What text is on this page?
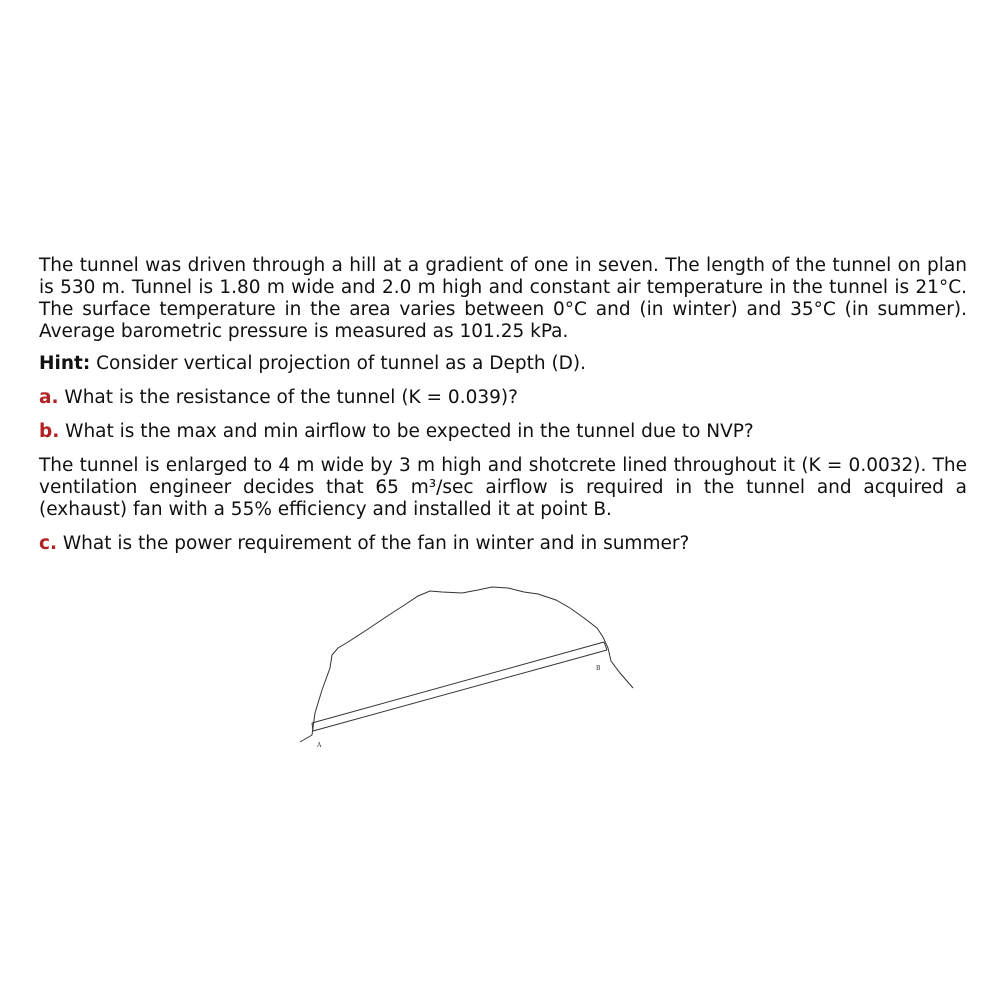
The tunnel was driven through a hill at a gradient of one in seven. The length of the tunnel on plan is 530 m. Tunnel is 1.80 m wide and 2.0 m high and constant air temperature in the tunnel is 21°C. The surface temperature in the area varies between 0°C and (in winter) and 35°C (in summer). Average barometric pressure is measured as 101.25 kPa.

Hint: Consider vertical projection of tunnel as a Depth (D).

a. What is the resistance of the tunnel (K = 0.039)?

b. What is the max and min airflow to be expected in the tunnel due to NVP?

The tunnel is enlarged to 4 m wide by 3 m high and shotcrete lined throughout it (K = 0.0032). The ventilation engineer decides that 65 m³/sec airflow is required in the tunnel and acquired a (exhaust) fan with a 55% efficiency and installed it at point B.

c. What is the power requirement of the fan in winter and in summer?

A
B
